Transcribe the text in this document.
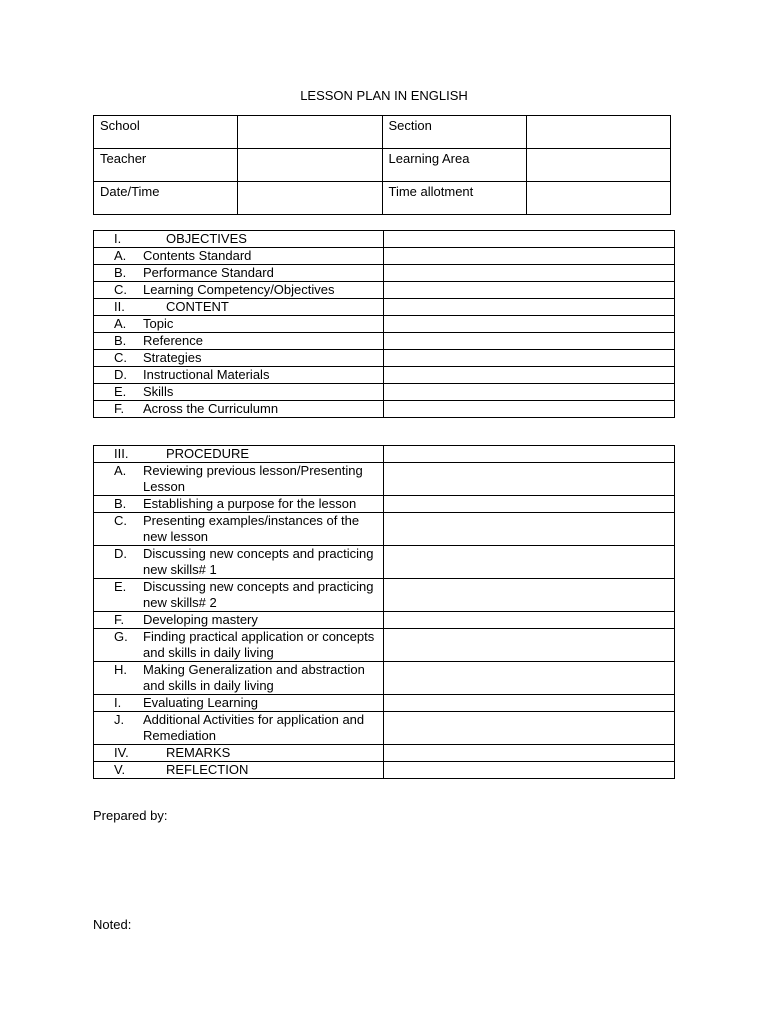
LESSON PLAN IN ENGLISH
School		Section	
Teacher		Learning Area	
Date/Time		Time allotment	
I. OBJECTIVES	

A. Contents Standard	

B. Performance Standard	

C. Learning Competency/Objectives	

II. CONTENT	

A. Topic	

B. Reference	

C. Strategies	

D. Instructional Materials	

E. Skills	

F. Across the Curriculumn	

III. PROCEDURE	

A. Reviewing previous lesson/Presenting Lesson	

B. Establishing a purpose for the lesson	

C. Presenting examples/instances of the new lesson	

D. Discussing new concepts and practicing new skills# 1	

E. Discussing new concepts and practicing new skills# 2	

F. Developing mastery	

G. Finding practical application or concepts and skills in daily living	

H. Making Generalization and abstraction and skills in daily living	

I. Evaluating Learning	

J. Additional Activities for application and Remediation	

IV. REMARKS	

V. REFLECTION	

Prepared by:
Noted:
